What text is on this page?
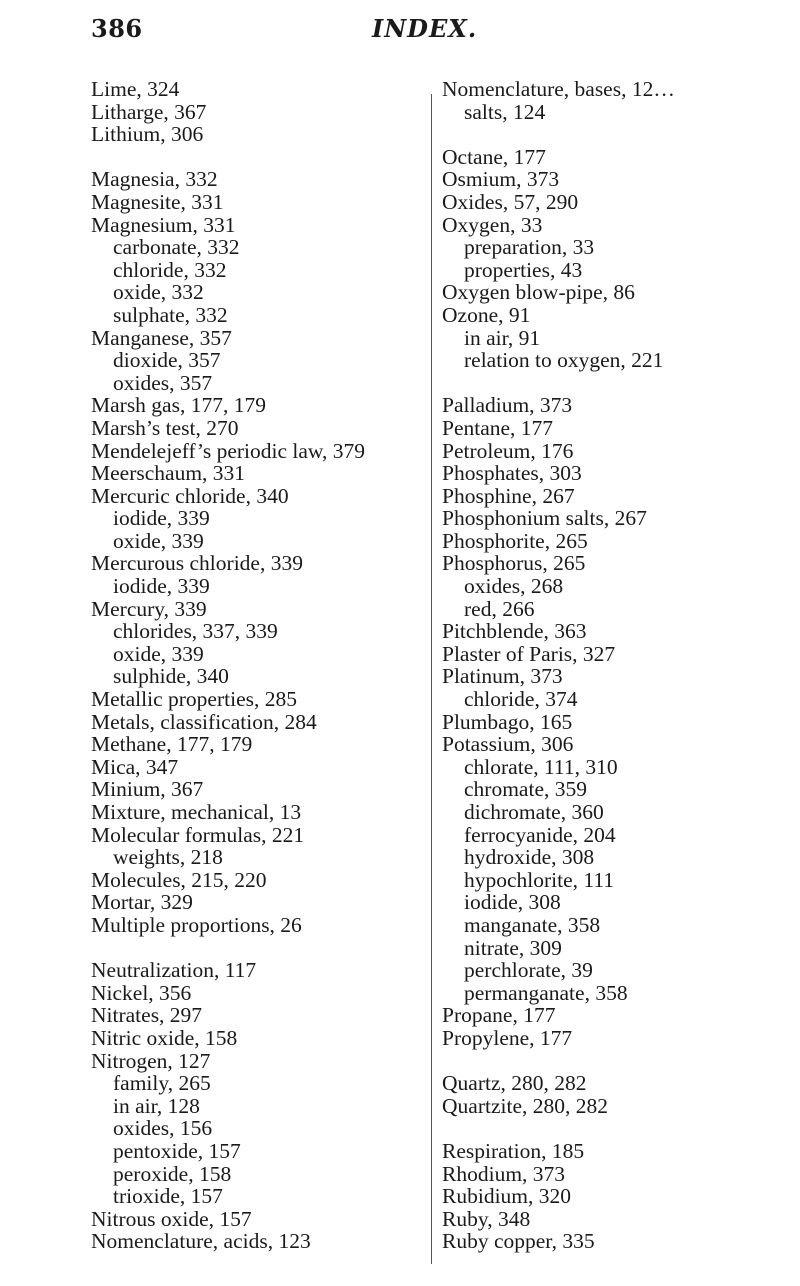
386	INDEX.
Lime, 324
Litharge, 367
Lithium, 306
Magnesia, 332
Magnesite, 331
Magnesium, 331
carbonate, 332
chloride, 332
oxide, 332
sulphate, 332
Manganese, 357
dioxide, 357
oxides, 357
Marsh gas, 177, 179
Marsh’s test, 270
Mendelejeff’s periodic law, 379
Meerschaum, 331
Mercuric chloride, 340
iodide, 339
oxide, 339
Mercurous chloride, 339
iodide, 339
Mercury, 339
chlorides, 337, 339
oxide, 339
sulphide, 340
Metallic properties, 285
Metals, classification, 284
Methane, 177, 179
Mica, 347
Minium, 367
Mixture, mechanical, 13
Molecular formulas, 221
weights, 218
Molecules, 215, 220
Mortar, 329
Multiple proportions, 26
Neutralization, 117
Nickel, 356
Nitrates, 297
Nitric oxide, 158
Nitrogen, 127
family, 265
in air, 128
oxides, 156
pentoxide, 157
peroxide, 158
trioxide, 157
Nitrous oxide, 157
Nomenclature, acids, 123
Nomenclature, bases, 12…
salts, 124
Octane, 177
Osmium, 373
Oxides, 57, 290
Oxygen, 33
preparation, 33
properties, 43
Oxygen blow-pipe, 86
Ozone, 91
in air, 91
relation to oxygen, 221
Palladium, 373
Pentane, 177
Petroleum, 176
Phosphates, 303
Phosphine, 267
Phosphonium salts, 267
Phosphorite, 265
Phosphorus, 265
oxides, 268
red, 266
Pitchblende, 363
Plaster of Paris, 327
Platinum, 373
chloride, 374
Plumbago, 165
Potassium, 306
chlorate, 111, 310
chromate, 359
dichromate, 360
ferrocyanide, 204
hydroxide, 308
hypochlorite, 111
iodide, 308
manganate, 358
nitrate, 309
perchlorate, 39
permanganate, 358
Propane, 177
Propylene, 177
Quartz, 280, 282
Quartzite, 280, 282
Respiration, 185
Rhodium, 373
Rubidium, 320
Ruby, 348
Ruby copper, 335
